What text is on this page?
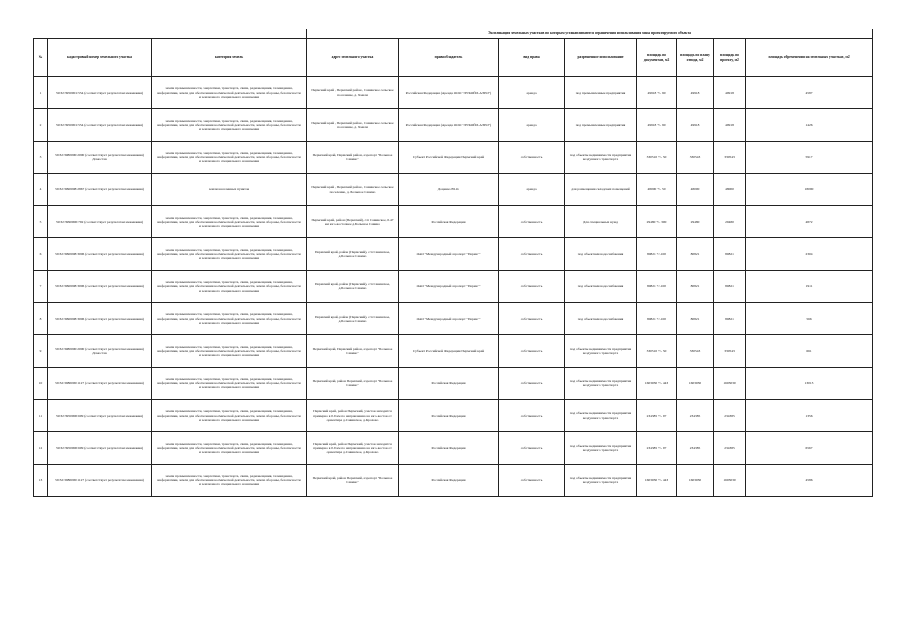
			Экспликация земельных участков по которым устанавливаются ограничения использования зоны проектируемого объекта							
№	кадастровый номер земельного участка	категория земель	адрес земельного участка	правообладатель	вид права	разрешенное использование	площадь по документам, м2	площадь по плану отвода, м2	площадь по проекту, м2	площадь обременения на земельных участках, м2
1	59:32:3950001:554 (соответствует результатам межевания)	земли промышленности, энергетики, транспорта, связи, радиовещания, телевидения, информатики, земли для обеспечения космической деятельности, земли обороны, безопасности и земли иного специального назначения	Пермский край , Пермский район , Савинское сельское поселение, д. Хмели	Российская Федерация (Аренда ООО "ЛУКОЙЛ-АЭРО")	аренда	под промышленные предприятия	49918 +/- 90	49918	49918	4587
2	59:32:3950001:554 (соответствует результатам межевания)	земли промышленности, энергетики, транспорта, связи, радиовещания, телевидения, информатики, земли для обеспечения космической деятельности, земли обороны, безопасности и земли иного специального назначения	Пермский край , Пермский район , Савинское сельское поселение, д. Хмели	Российская Федерация (Аренда ООО "ЛУКОЙЛ-АЭРО")	аренда	под промышленные предприятия	49918 +/- 90	49918	49918	1426
3	59:32:3980000:2000 (соответствует результатам межевания) Домостав	земли промышленности, энергетики, транспорта, связи, радиовещания, телевидения, информатики, земли для обеспечения космической деятельности, земли обороны, безопасности и земли иного специального назначения	Пермский край, Пермский район, аэропорт "Большое Савино"	Субъект Российской Федерации Пермский край	собственность	под объекты недвижимости предприятия воздушного транспорта	330510 +/- 50	330543	330543	5917
4	59:32:3990008:2867 (соответствует результатам межевания)	земли населенных пунктов	Пермский край , Пермский район , Савинское сельское поселение, д. Большое Савино	Доценко Ю.О.	аренда	для размещения складских помещений	48000 +/- 50	48000	48000	18090
5	59:32:3990000:792 (соответствует результатам межевания)	земли промышленности, энергетики, транспорта, связи, радиовещания, телевидения, информатики, земли для обеспечения космической деятельности, земли обороны, безопасности и земли иного специального назначения	Пермский край, район (Пермский), с/п Савинское, 0.47 км юго-восточнее д.Большое Савино	Российская Федерация	собственность	Для специальных нужд	29480 +/- 300	29480	29480	4872
6	59:32:3990008:3006 (соответствует результатам межевания)	земли промышленности, энергетики, транспорта, связи, радиовещания, телевидения, информатики, земли для обеспечения космической деятельности, земли обороны, безопасности и земли иного специального назначения	Пермский край, район (Пермский), с/п Савинское, д.Большое Савино	ОАО "Международный аэропорт "Пермь""	собственность	под объектами водоснабжения	80821 +/-100	80821	80821	2304
7	59:32:3990008:3006 (соответствует результатам межевания)	земли промышленности, энергетики, транспорта, связи, радиовещания, телевидения, информатики, земли для обеспечения космической деятельности, земли обороны, безопасности и земли иного специального назначения	Пермский край, район (Пермский), с/п Савинское, д.Большое Савино	ОАО "Международный аэропорт "Пермь""	собственность	под объектами водоснабжения	80821 +/-100	80821	80821	1911
8	59:32:3990008:3006 (соответствует результатам межевания)	земли промышленности, энергетики, транспорта, связи, радиовещания, телевидения, информатики, земли для обеспечения космической деятельности, земли обороны, безопасности и земли иного специального назначения	Пермский край, район (Пермский), с/п Савинское, д.Большое Савино	ОАО "Международный аэропорт "Пермь""	собственность	под объектами водоснабжения	80821 +/-100	80821	80821	566
9	59:32:3980000:2000 (соответствует результатам межевания) Домостав	земли промышленности, энергетики, транспорта, связи, радиовещания, телевидения, информатики, земли для обеспечения космической деятельности, земли обороны, безопасности и земли иного специального назначения	Пермский край, Пермский район, аэропорт "Большое Савино"	Субъект Российской Федерации Пермский край	собственность	под объекты недвижимости предприятия воздушного транспорта	330510 +/- 50	330543	330543	661
10	59:32:3980000:1127 (соответствует результатам межевания)	земли промышленности, энергетики, транспорта, связи, радиовещания, телевидения, информатики, земли для обеспечения космической деятельности, земли обороны, безопасности и земли иного специального назначения	Пермский край, район Пермский, аэропорт "Большое Савино"	Российская Федерация	собственность	под объекты недвижимости предприятия воздушного транспорта	1603030 +/- 443	1603030	1603030	13013
11	59:32:3950000:609 (соответствует результатам межевания)	земли промышленности, энергетики, транспорта, связи, радиовещания, телевидения, информатики, земли для обеспечения космической деятельности, земли обороны, безопасности и земли иного специального назначения	Пермский край, район Пермский, участок находится примерно в 0.9 км по направлению на юго-восток от ориентира д.Савинское, д.Крохово	Российская Федерация	собственность	под объекты недвижимости предприятия воздушного транспорта	234385 +/- 97	234385	234385	1356
12	59:32:3950000:609 (соответствует результатам межевания)	земли промышленности, энергетики, транспорта, связи, радиовещания, телевидения, информатики, земли для обеспечения космической деятельности, земли обороны, безопасности и земли иного специального назначения	Пермский край, район Пермский, участок находится примерно в 0.9 км по направлению на юго-восток от ориентира д.Савинское, д.Крохово	Российская Федерация	собственность	под объекты недвижимости предприятия воздушного транспорта	234385 +/- 97	234385	234385	6567
13	59:32:3980000:1127 (соответствует результатам межевания)	земли промышленности, энергетики, транспорта, связи, радиовещания, телевидения, информатики, земли для обеспечения космической деятельности, земли обороны, безопасности и земли иного специального назначения	Пермский край, район Пермский, аэропорт "Большое Савино"	Российская Федерация	собственность	под объекты недвижимости предприятия воздушного транспорта	1603030 +/- 443	1603030	1603030	4586
